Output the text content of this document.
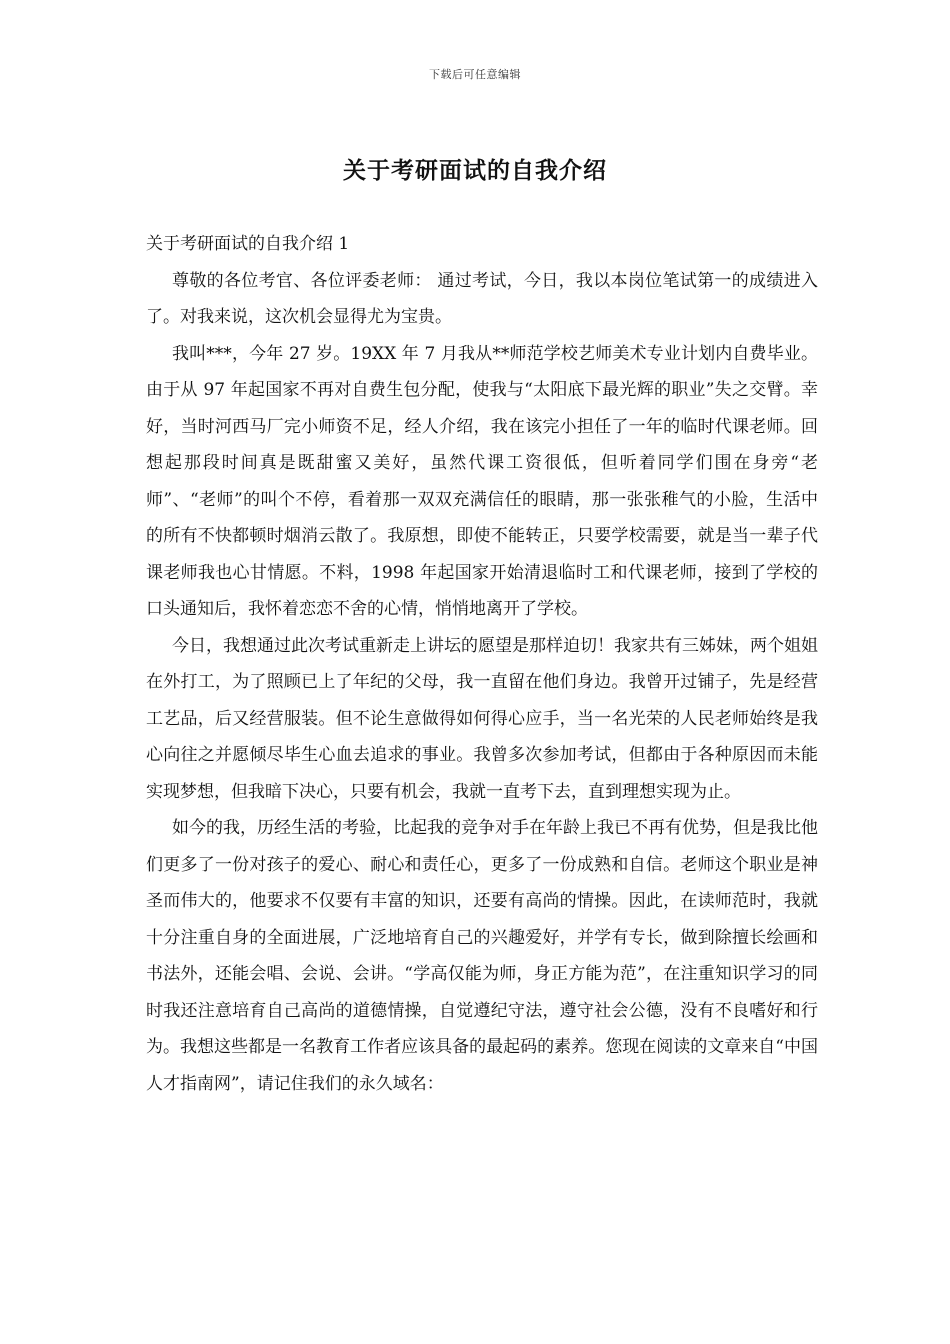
下载后可任意编辑
关于考研面试的自我介绍

关于考研面试的自我介绍 1

尊敬的各位考官、各位评委老师： 通过考试，今日，我以本岗位笔试第一的成绩进入了。对我来说，这次机会显得尤为宝贵。

我叫***，今年 27 岁。19XX 年 7 月我从**师范学校艺师美术专业计划内自费毕业。由于从 97 年起国家不再对自费生包分配，使我与“太阳底下最光辉的职业”失之交臂。幸好，当时河西马厂完小师资不足，经人介绍，我在该完小担任了一年的临时代课老师。回想起那段时间真是既甜蜜又美好，虽然代课工资很低，但听着同学们围在身旁“老师”、“老师”的叫个不停，看着那一双双充满信任的眼睛，那一张张稚气的小脸，生活中的所有不快都顿时烟消云散了。我原想，即使不能转正，只要学校需要，就是当一辈子代课老师我也心甘情愿。不料，1998 年起国家开始清退临时工和代课老师，接到了学校的口头通知后，我怀着恋恋不舍的心情，悄悄地离开了学校。

今日，我想通过此次考试重新走上讲坛的愿望是那样迫切！我家共有三姊妹，两个姐姐在外打工，为了照顾已上了年纪的父母，我一直留在他们身边。我曾开过铺子，先是经营工艺品，后又经营服装。但不论生意做得如何得心应手，当一名光荣的人民老师始终是我心向往之并愿倾尽毕生心血去追求的事业。我曾多次参加考试，但都由于各种原因而未能实现梦想，但我暗下决心，只要有机会，我就一直考下去，直到理想实现为止。

如今的我，历经生活的考验，比起我的竞争对手在年龄上我已不再有优势，但是我比他们更多了一份对孩子的爱心、耐心和责任心，更多了一份成熟和自信。老师这个职业是神圣而伟大的，他要求不仅要有丰富的知识，还要有高尚的情操。因此，在读师范时，我就十分注重自身的全面进展，广泛地培育自己的兴趣爱好，并学有专长，做到除擅长绘画和书法外，还能会唱、会说、会讲。“学高仅能为师，身正方能为范”，在注重知识学习的同时我还注意培育自己高尚的道德情操，自觉遵纪守法，遵守社会公德，没有不良嗜好和行为。我想这些都是一名教育工作者应该具备的最起码的素养。您现在阅读的文章来自“中国人才指南网”，请记住我们的永久域名：
